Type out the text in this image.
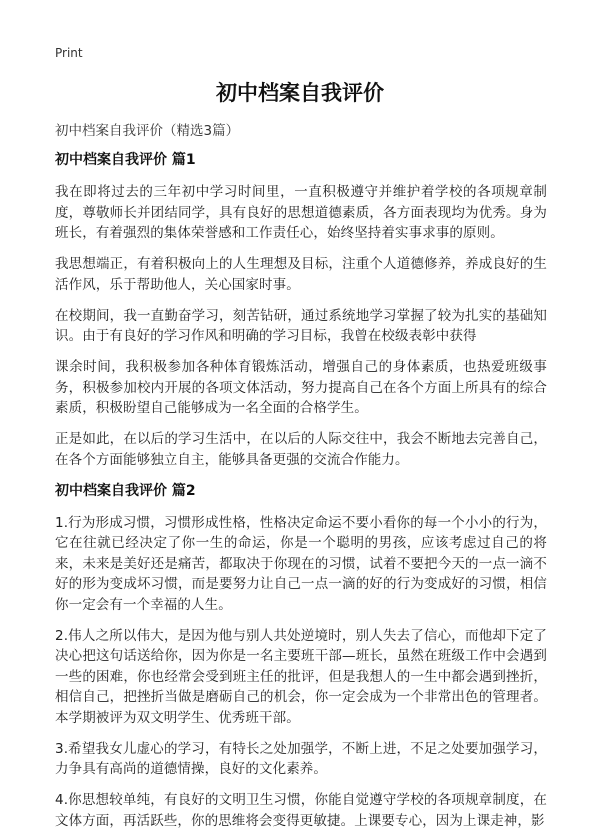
Print
初中档案自我评价
初中档案自我评价（精选3篇）
初中档案自我评价 篇1

我在即将过去的三年初中学习时间里，一直积极遵守并维护着学校的各项规章制度，尊敬师长并团结同学，具有良好的思想道德素质，各方面表现均为优秀。身为班长，有着强烈的集体荣誉感和工作责任心，始终坚持着实事求事的原则。

我思想端正，有着积极向上的人生理想及目标，注重个人道德修养，养成良好的生活作风，乐于帮助他人，关心国家时事。

在校期间，我一直勤奋学习，刻苦钻研，通过系统地学习掌握了较为扎实的基础知识。由于有良好的学习作风和明确的学习目标，我曾在校级表彰中获得

课余时间，我积极参加各种体育锻炼活动，增强自己的身体素质，也热爱班级事务，积极参加校内开展的各项文体活动，努力提高自己在各个方面上所具有的综合素质，积极盼望自己能够成为一名全面的合格学生。

正是如此，在以后的学习生活中，在以后的人际交往中，我会不断地去完善自己，在各个方面能够独立自主，能够具备更强的交流合作能力。

初中档案自我评价 篇2

1.行为形成习惯，习惯形成性格，性格决定命运不要小看你的每一个小小的行为，它在往就已经决定了你一生的命运，你是一个聪明的男孩，应该考虑过自己的将来，未来是美好还是痛苦，都取决于你现在的习惯，试着不要把今天的一点一滴不好的形为变成坏习惯，而是要努力让自己一点一滴的好的行为变成好的习惯，相信你一定会有一个幸福的人生。

2.伟人之所以伟大，是因为他与别人共处逆境时，别人失去了信心，而他却下定了决心把这句话送给你，因为你是一名主要班干部—班长，虽然在班级工作中会遇到一些的困难，你也经常会受到班主任的批评，但是我想人的一生中都会遇到挫折，相信自己，把挫折当做是磨砺自己的机会，你一定会成为一个非常出色的管理者。本学期被评为双文明学生、优秀班干部。

3.希望我女儿虚心的学习，有特长之处加强学，不断上进，不足之处要加强学习，力争具有高尚的道德情操，良好的文化素养。

4.你思想较单纯，有良好的文明卫生习惯，你能自觉遵守学校的各项规章制度，在文体方面，再活跃些，你的思维将会变得更敏捷。上课要专心，因为上课走神，影
